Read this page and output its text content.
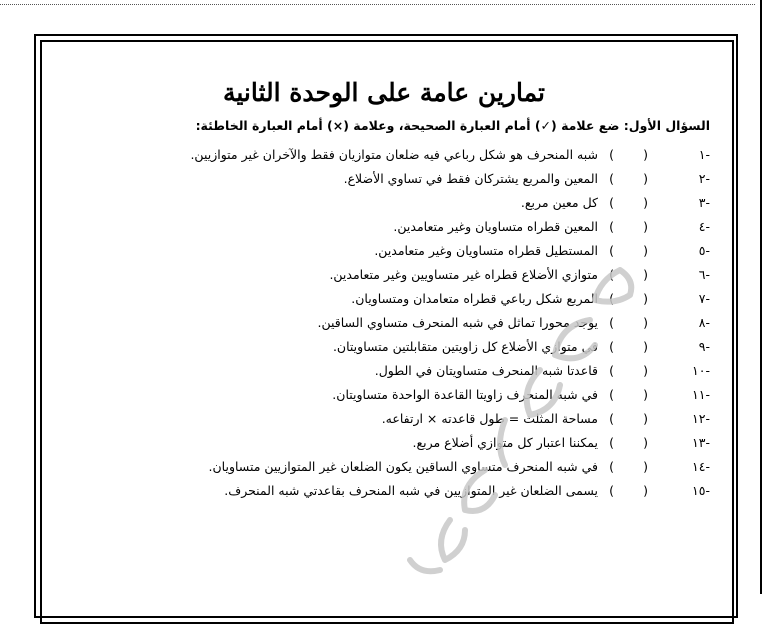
تمارين عامة على الوحدة الثانية
السؤال الأول: ضع علامة (✓) أمام العبارة الصحيحة، وعلامة (×) أمام العبارة الخاطئة:
١-
(
)
شبه المنحرف هو شكل رباعي فيه ضلعان متوازيان فقط والآخران غير متوازيين.
٢-
(
)
المعين والمربع يشتركان فقط في تساوي الأضلاع.
٣-
(
)
كل معين مربع.
٤-
(
)
المعين قطراه متساويان وغير متعامدين.
٥-
(
)
المستطيل قطراه متساويان وغير متعامدين.
٦-
(
)
متوازي الأضلاع قطراه غير متساويين وغير متعامدين.
٧-
(
)
المربع شكل رباعي قطراه متعامدان ومتساويان.
٨-
(
)
يوجد محورا تماثل في شبه المنحرف متساوي الساقين.
٩-
(
)
في متوازي الأضلاع كل زاويتين متقابلتين متساويتان.
١٠-
(
)
قاعدتا شبه المنحرف متساويتان في الطول.
١١-
(
)
في شبه المنحرف زاويتا القاعدة الواحدة متساويتان.
١٢-
(
)
مساحة المثلث = طول قاعدته × ارتفاعه.
١٣-
(
)
يمكننا اعتبار كل متوازي أضلاع مربع.
١٤-
(
)
في شبه المنحرف متساوي الساقين يكون الضلعان غير المتوازيين متساويان.
١٥-
(
)
يسمى الضلعان غير المتوازيين في شبه المنحرف بقاعدتي شبه المنحرف.
